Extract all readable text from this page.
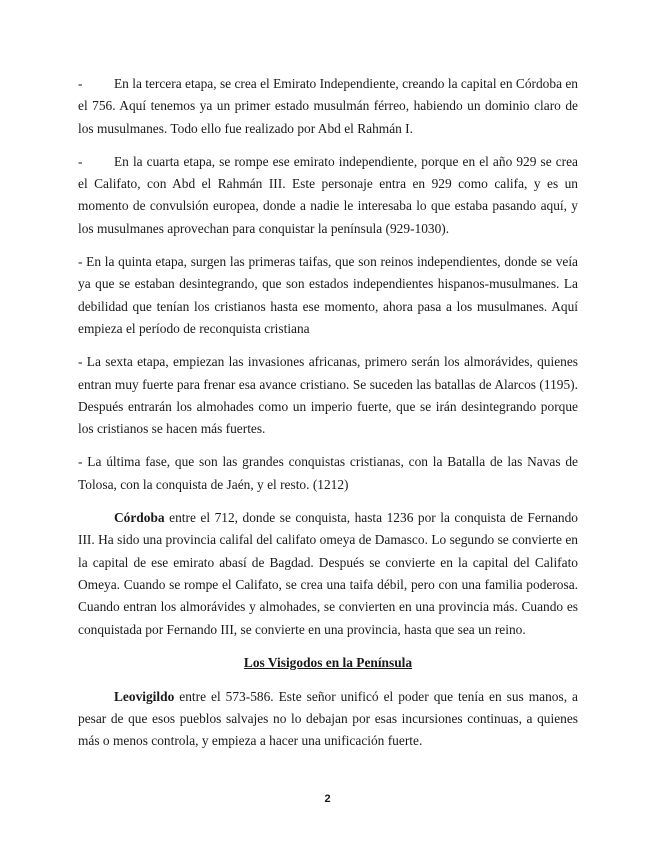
- En la tercera etapa, se crea el Emirato Independiente, creando la capital en Córdoba en el 756. Aquí tenemos ya un primer estado musulmán férreo, habiendo un dominio claro de los musulmanes. Todo ello fue realizado por Abd el Rahmán I.

- En la cuarta etapa, se rompe ese emirato independiente, porque en el año 929 se crea el Califato, con Abd el Rahmán III. Este personaje entra en 929 como califa, y es un momento de convulsión europea, donde a nadie le interesaba lo que estaba pasando aquí, y los musulmanes aprovechan para conquistar la península (929-1030).

- En la quinta etapa, surgen las primeras taifas, que son reinos independientes, donde se veía ya que se estaban desintegrando, que son estados independientes hispanos-musulmanes. La debilidad que tenían los cristianos hasta ese momento, ahora pasa a los musulmanes. Aquí empieza el período de reconquista cristiana

- La sexta etapa, empiezan las invasiones africanas, primero serán los almorávides, quienes entran muy fuerte para frenar esa avance cristiano. Se suceden las batallas de Alarcos (1195). Después entrarán los almohades como un imperio fuerte, que se irán desintegrando porque los cristianos se hacen más fuertes.

- La última fase, que son las grandes conquistas cristianas, con la Batalla de las Navas de Tolosa, con la conquista de Jaén, y el resto. (1212)

Córdoba entre el 712, donde se conquista, hasta 1236 por la conquista de Fernando III. Ha sido una provincia califal del califato omeya de Damasco. Lo segundo se convierte en la capital de ese emirato abasí de Bagdad. Después se convierte en la capital del Califato Omeya. Cuando se rompe el Califato, se crea una taifa débil, pero con una familia poderosa. Cuando entran los almorávides y almohades, se convierten en una provincia más. Cuando es conquistada por Fernando III, se convierte en una provincia, hasta que sea un reino.

Los Visigodos en la Península

Leovigildo entre el 573-586. Este señor unificó el poder que tenía en sus manos, a pesar de que esos pueblos salvajes no lo debajan por esas incursiones continuas, a quienes más o menos controla, y empieza a hacer una unificación fuerte.

2
